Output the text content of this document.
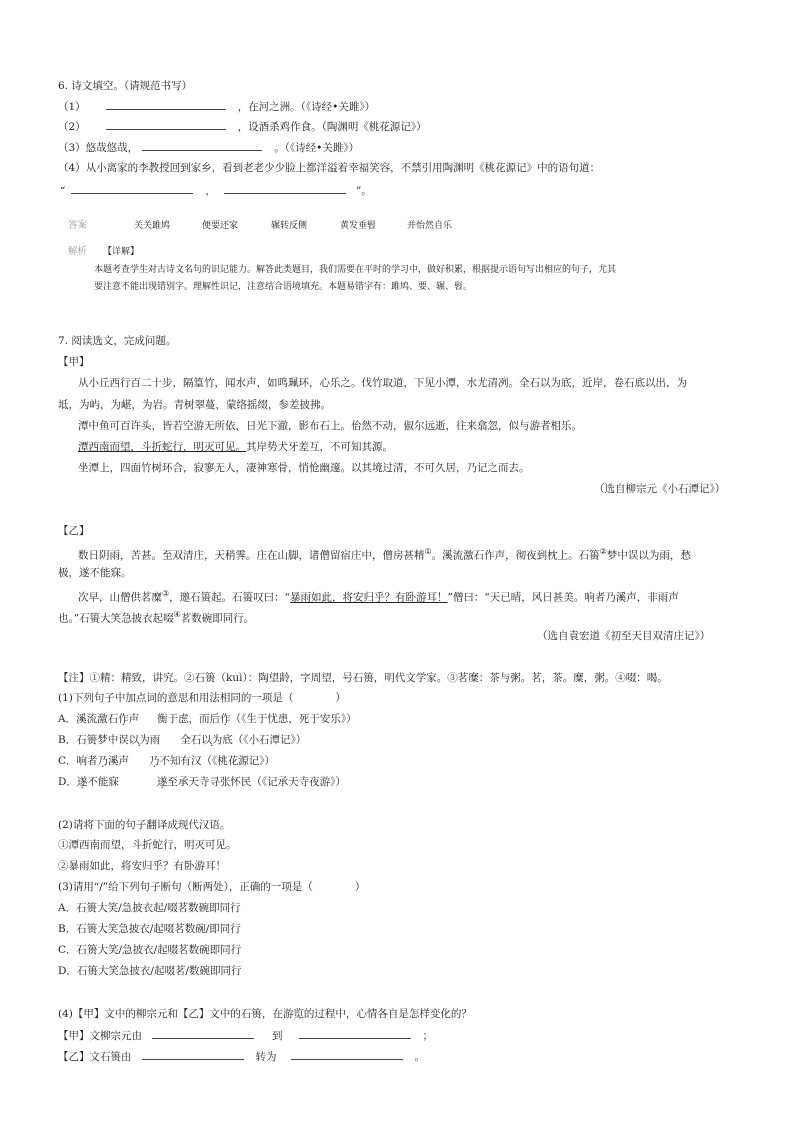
6. 诗文填空。（请规范书写）
（1）	，在河之洲。（《诗经•关雎》）
（2）	，设酒杀鸡作食。（陶渊明《桃花源记》）
（3）悠哉悠哉，	。（《诗经•关雎》）
（4）从小离家的李教授回到家乡，看到老老少少脸上都洋溢着幸福笑容，不禁引用陶渊明《桃花源记》中的语句道：
“	，	”。
答案	关关雎鸠	便要还家	辗转反侧	黄发垂髫	并怡然自乐
解析 【详解】
本题考查学生对古诗文名句的识记能力。解答此类题目，我们需要在平时的学习中，做好积累，根据提示语句写出相应的句子，尤其
要注意不能出现错别字。理解性识记，注意结合语境填充。本题易错字有：雎鸠、要、辗、髫。
7. 阅读选文，完成问题。
【甲】
从小丘西行百二十步，隔篁竹，闻水声，如鸣珮环，心乐之。伐竹取道，下见小潭，水尤清冽。全石以为底，近岸，卷石底以出，为
坻，为屿，为嵁，为岩。青树翠蔓，蒙络摇缀，参差披拂。
潭中鱼可百许头，皆若空游无所依，日光下澈，影布石上。佁然不动，俶尔远逝，往来翕忽，似与游者相乐。
潭西南而望，斗折蛇行，明灭可见。其岸势犬牙差互，不可知其源。
坐潭上，四面竹树环合，寂寥无人，凄神寒骨，悄怆幽邃。以其境过清，不可久居，乃记之而去。
（选自柳宗元《小石潭记》）
【乙】
数日阴雨，苦甚。至双清庄，天稍霁。庄在山脚，诸僧留宿庄中，僧房甚精①。溪流激石作声，彻夜到枕上。石篑②梦中误以为雨，愁
极，遂不能寐。
次早，山僧供茗糜③，邀石篑起。石篑叹曰：“暴雨如此，将安归乎？有卧游耳！”僧曰：“天已晴，风日甚美。响者乃溪声，非雨声
也。”石篑大笑急披衣起啜④茗数碗即同行。
（选自袁宏道《初至天目双清庄记》）
【注】①精：精致，讲究。②石篑（kuì）：陶望龄，字周望，号石篑，明代文学家。③茗糜：茶与粥。茗，茶。糜，粥。④啜：喝。
(1)下列句子中加点词的意思和用法相同的一项是（　　　　）
A．溪流激石作声 衡于虑，而后作（《生于忧患，死于安乐》）
B．石篑梦中误以为雨 全石以为底（《小石潭记》）
C．响者乃溪声 乃不知有汉（《桃花源记》）
D．遂不能寐	遂至承天寺寻张怀民（《记承天寺夜游》）
(2)请将下面的句子翻译成现代汉语。
①潭西南而望，斗折蛇行，明灭可见。
②暴雨如此，将安归乎？有卧游耳！
(3)请用“/”给下列句子断句（断两处），正确的一项是（　　　　）
A．石篑大笑/急披衣起/啜茗数碗即同行
B．石篑大笑急披衣/起啜茗数碗/即同行
C．石篑大笑/急披衣/起啜茗数碗即同行
D．石篑大笑急披衣/起啜茗/数碗即同行
(4)【甲】文中的柳宗元和【乙】文中的石篑，在游览的过程中，心情各自是怎样变化的？
【甲】文柳宗元由	到	；
【乙】文石篑由	转为	。
